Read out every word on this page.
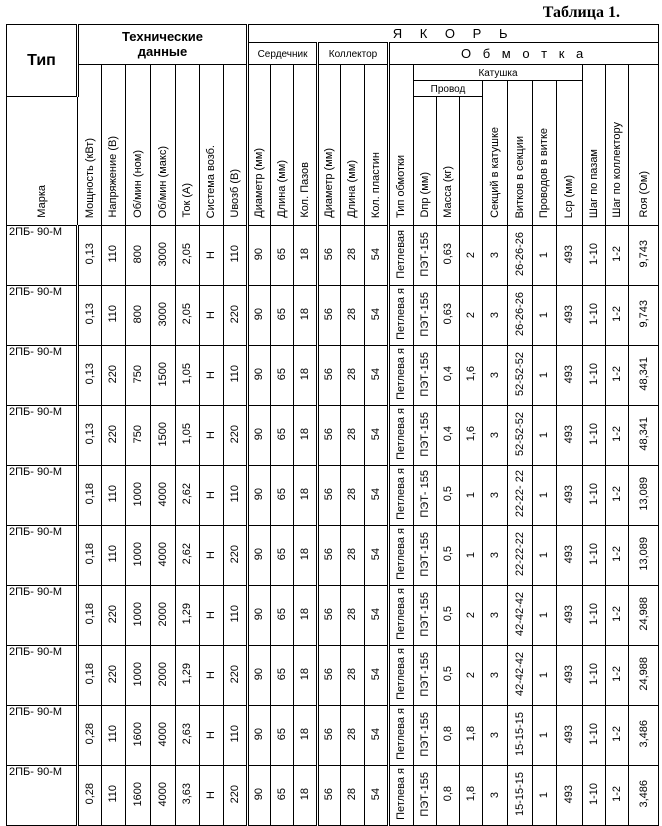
Таблица 1.
Тип	Технические данные							Я К О Р Ь																
								Сердечник			Коллектор			О б м о т к а										
	Мощность (кВт)	Напряжение (В)	Об/мин (ном)	Об/мин (макс)	Ток (А)	Система возб.	Uвозб (В)	Диаметр (мм)	Длина (мм)	Кол. Пазов	Диаметр (мм)	Длина (мм)	Кол. пластин	Тип обмотки	Катушка							Шаг по пазам	Шаг по коллектору	Rоя (Ом)
															Провод			Секций в катушке	Витков в секции	Проводов в витке	Lср (мм)			
Марка															Dпр (мм)	Масса (кг)								
2ПБ- 90-М	0,13	110	800	3000	2,05	Н	110	90	65	18	56	28	54	Петлевая	ПЭТ-155	0,63	2	3	26-26-26	1	493	1-10	1-2	9,743
2ПБ- 90-М	0,13	110	800	3000	2,05	Н	220	90	65	18	56	28	54	Петлева я	ПЭТ-155	0,63	2	3	26-26-26	1	493	1-10	1-2	9,743
2ПБ- 90-М	0,13	220	750	1500	1,05	Н	110	90	65	18	56	28	54	Петлева я	ПЭТ-155	0,4	1,6	3	52-52-52	1	493	1-10	1-2	48,341
2ПБ- 90-М	0,13	220	750	1500	1,05	Н	220	90	65	18	56	28	54	Петлева я	ПЭТ-155	0,4	1,6	3	52-52-52	1	493	1-10	1-2	48,341
2ПБ- 90-М	0,18	110	1000	4000	2,62	Н	110	90	65	18	56	28	54	Петлева я	ПЭТ- 155	0,5	1	3	22-22- 22	1	493	1-10	1-2	13,089
2ПБ- 90-М	0,18	110	1000	4000	2,62	Н	220	90	65	18	56	28	54	Петлева я	ПЭТ-155	0,5	1	3	22-22-22	1	493	1-10	1-2	13,089
2ПБ- 90-М	0,18	220	1000	2000	1,29	Н	110	90	65	18	56	28	54	Петлева я	ПЭТ-155	0,5	2	3	42-42-42	1	493	1-10	1-2	24,988
2ПБ- 90-М	0,18	220	1000	2000	1,29	Н	220	90	65	18	56	28	54	Петлева я	ПЭТ-155	0,5	2	3	42-42-42	1	493	1-10	1-2	24,988
2ПБ- 90-М	0,28	110	1600	4000	2,63	Н	110	90	65	18	56	28	54	Петлева я	ПЭТ-155	0,8	1,8	3	15-15-15	1	493	1-10	1-2	3,486
2ПБ- 90-М	0,28	110	1600	4000	3,63	Н	220	90	65	18	56	28	54	Петлева я	ПЭТ-155	0,8	1,8	3	15-15-15	1	493	1-10	1-2	3,486
